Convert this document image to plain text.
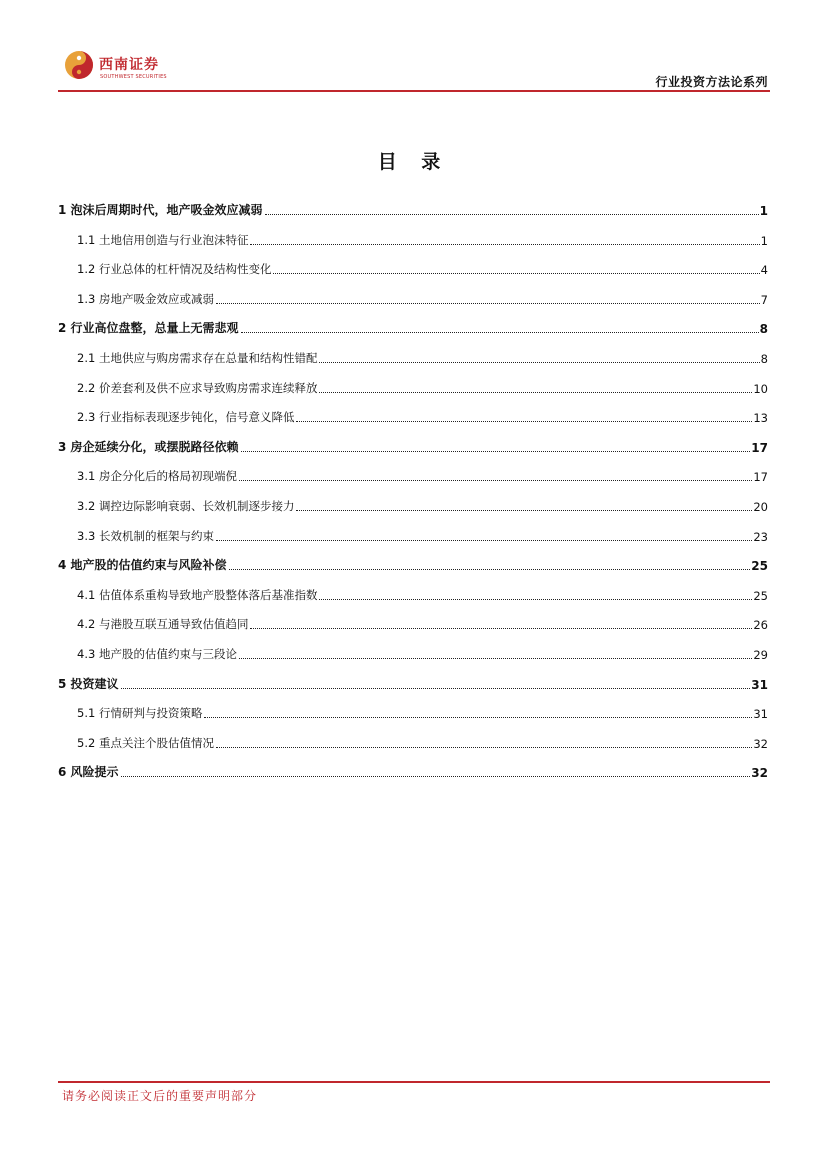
西南证券
SOUTHWEST SECURITIES	行业投资方法论系列
目 录
1 泡沫后周期时代，地产吸金效应减弱	1
1.1 土地信用创造与行业泡沫特征	1
1.2 行业总体的杠杆情况及结构性变化	4
1.3 房地产吸金效应或减弱	7
2 行业高位盘整，总量上无需悲观	8
2.1 土地供应与购房需求存在总量和结构性错配	8
2.2 价差套利及供不应求导致购房需求连续释放	10
2.3 行业指标表现逐步钝化，信号意义降低	13
3 房企延续分化，或摆脱路径依赖	17
3.1 房企分化后的格局初现端倪	17
3.2 调控边际影响衰弱、长效机制逐步接力	20
3.3 长效机制的框架与约束	23
4 地产股的估值约束与风险补偿	25
4.1 估值体系重构导致地产股整体落后基准指数	25
4.2 与港股互联互通导致估值趋同	26
4.3 地产股的估值约束与三段论	29
5 投资建议	31
5.1 行情研判与投资策略	31
5.2 重点关注个股估值情况	32
6 风险提示	32
请务必阅读正文后的重要声明部分
